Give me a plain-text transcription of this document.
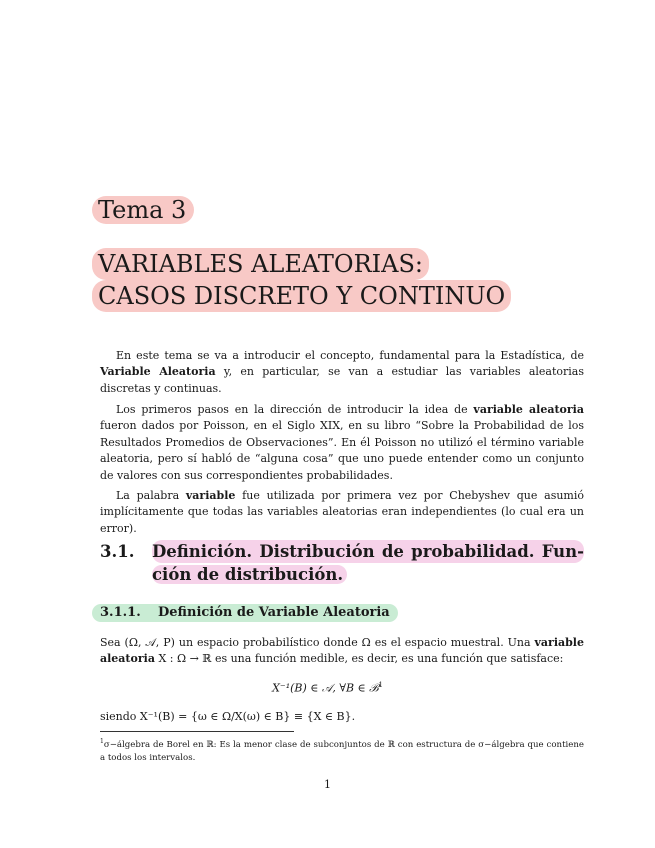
Tema 3
VARIABLES ALEATORIAS:
CASOS DISCRETO Y CONTINUO

En este tema se va a introducir el concepto, fundamental para la Estadística, de Variable Aleatoria y, en particular, se van a estudiar las variables aleatorias discretas y continuas.

Los primeros pasos en la dirección de introducir la idea de variable aleatoria fueron dados por Poisson, en el Siglo XIX, en su libro “Sobre la Probabilidad de los Resultados Promedios de Observaciones”. En él Poisson no utilizó el término variable aleatoria, pero sí habló de “alguna cosa” que uno puede entender como un conjunto de valores con sus correspondientes probabilidades.

La palabra variable fue utilizada por primera vez por Chebyshev que asumió implícitamente que todas las variables aleatorias eran independientes (lo cual era un error).

3.1. Definición. Distribución de probabilidad. Fun-
ción de distribución.
3.1.1. Definición de Variable Aleatoria

Sea (Ω, 𝒜, P) un espacio probabilístico donde Ω es el espacio muestral. Una variable aleatoria X : Ω → ℝ es una función medible, es decir, es una función que satisface:

X⁻¹(B) ∈ 𝒜, ∀B ∈ ℬ$^1$

siendo X⁻¹(B) = {ω ∈ Ω/X(ω) ∈ B} ≡ {X ∈ B}.

$^1$σ−álgebra de Borel en ℝ: Es la menor clase de subconjuntos de ℝ con estructura de σ−álgebra que contiene a todos los intervalos.
1
